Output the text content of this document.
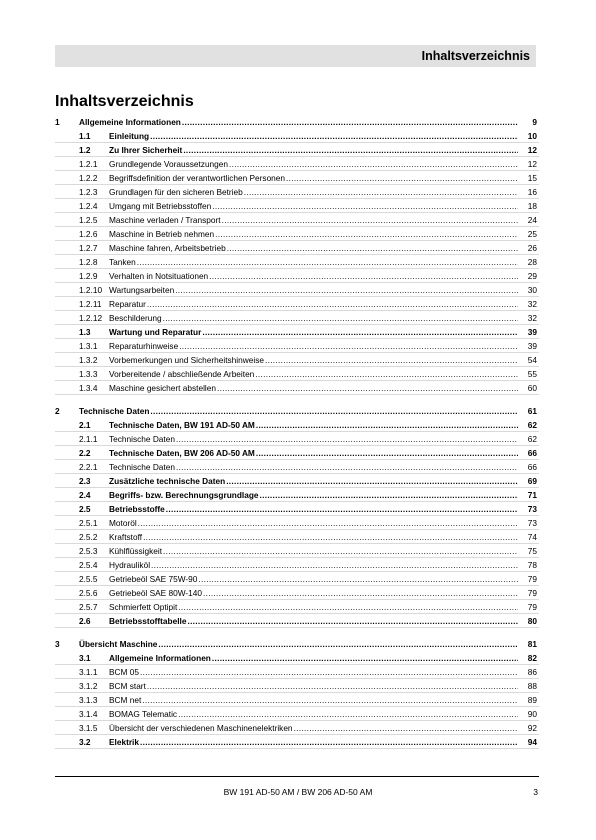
Inhaltsverzeichnis
Inhaltsverzeichnis
1	Allgemeine Informationen .....	9
1.1	Einleitung .....	10
1.2	Zu Ihrer Sicherheit .....	12
1.2.1	Grundlegende Voraussetzungen .....	12
1.2.2	Begriffsdefinition der verantwortlichen Personen .....	15
1.2.3	Grundlagen für den sicheren Betrieb .....	16
1.2.4	Umgang mit Betriebsstoffen .....	18
1.2.5	Maschine verladen / Transport .....	24
1.2.6	Maschine in Betrieb nehmen .....	25
1.2.7	Maschine fahren, Arbeitsbetrieb .....	26
1.2.8	Tanken .....	28
1.2.9	Verhalten in Notsituationen .....	29
1.2.10 Wartungsarbeiten .....	30
1.2.11 Reparatur .....	32
1.2.12 Beschilderung .....	32
1.3	Wartung und Reparatur .....	39
1.3.1	Reparaturhinweise .....	39
1.3.2	Vorbemerkungen und Sicherheitshinweise .....	54
1.3.3	Vorbereitende / abschließende Arbeiten .....	55
1.3.4	Maschine gesichert abstellen .....	60
2	Technische Daten .....	61
2.1	Technische Daten, BW 191 AD-50 AM .....	62
2.1.1	Technische Daten .....	62
2.2	Technische Daten, BW 206 AD-50 AM .....	66
2.2.1	Technische Daten .....	66
2.3	Zusätzliche technische Daten .....	69
2.4	Begriffs- bzw. Berechnungsgrundlage .....	71
2.5	Betriebsstoffe .....	73
2.5.1	Motoröl .....	73
2.5.2	Kraftstoff .....	74
2.5.3	Kühlflüssigkeit .....	75
2.5.4	Hydrauliköl .....	78
2.5.5	Getriebeöl SAE 75W-90 .....	79
2.5.6	Getriebeöl SAE 80W-140 .....	79
2.5.7	Schmierfett Optipit .....	79
2.6	Betriebsstofftabelle .....	80
3	Übersicht Maschine .....	81
3.1	Allgemeine Informationen .....	82
3.1.1	BCM 05 .....	86
3.1.2	BCM start .....	88
3.1.3	BCM net .....	89
3.1.4	BOMAG Telematic .....	90
3.1.5	Übersicht der verschiedenen Maschinenelektriken .....	92
3.2	Elektrik .....	94
BW 191 AD-50 AM / BW 206 AD-50 AM	3
